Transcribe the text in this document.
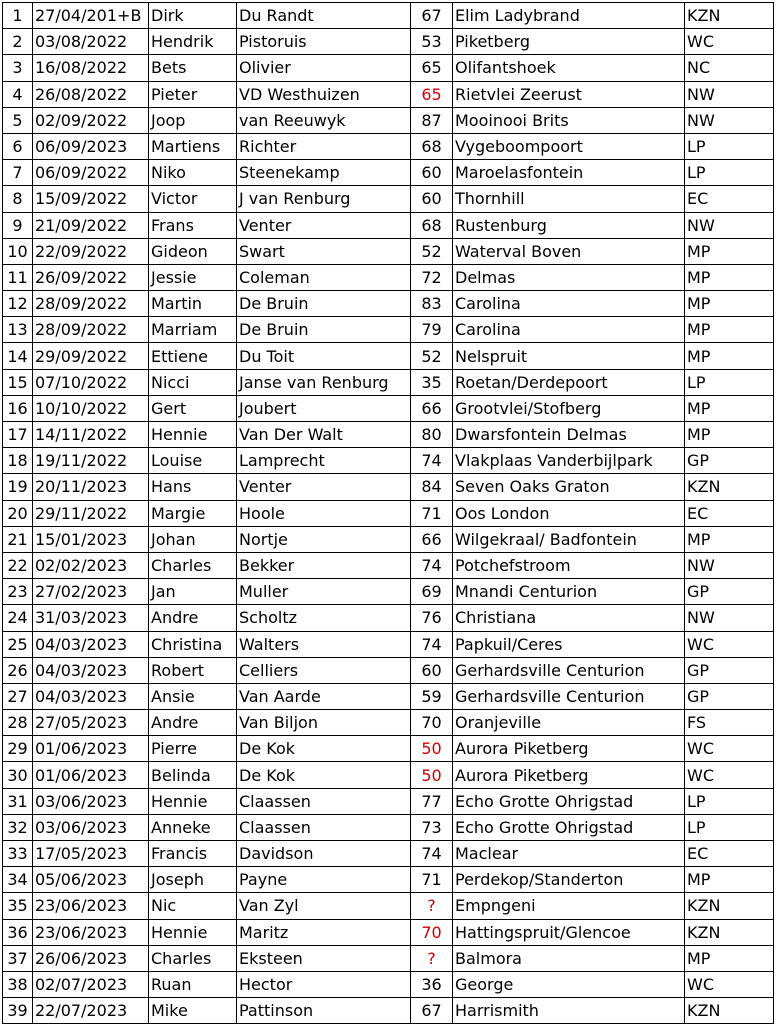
1	27/04/201+B	Dirk	Du Randt	67	Elim Ladybrand	KZN
2	03/08/2022	Hendrik	Pistoruis	53	Piketberg	WC
3	16/08/2022	Bets	Olivier	65	Olifantshoek	NC
4	26/08/2022	Pieter	VD Westhuizen	65	Rietvlei Zeerust	NW
5	02/09/2022	Joop	van Reeuwyk	87	Mooinooi Brits	NW
6	06/09/2023	Martiens	Richter	68	Vygeboompoort	LP
7	06/09/2022	Niko	Steenekamp	60	Maroelasfontein	LP
8	15/09/2022	Victor	J van Renburg	60	Thornhill	EC
9	21/09/2022	Frans	Venter	68	Rustenburg	NW
10	22/09/2022	Gideon	Swart	52	Waterval Boven	MP
11	26/09/2022	Jessie	Coleman	72	Delmas	MP
12	28/09/2022	Martin	De Bruin	83	Carolina	MP
13	28/09/2022	Marriam	De Bruin	79	Carolina	MP
14	29/09/2022	Ettiene	Du Toit	52	Nelspruit	MP
15	07/10/2022	Nicci	Janse van Renburg	35	Roetan/Derdepoort	LP
16	10/10/2022	Gert	Joubert	66	Grootvlei/Stofberg	MP
17	14/11/2022	Hennie	Van Der Walt	80	Dwarsfontein Delmas	MP
18	19/11/2022	Louise	Lamprecht	74	Vlakplaas Vanderbijlpark	GP
19	20/11/2023	Hans	Venter	84	Seven Oaks Graton	KZN
20	29/11/2022	Margie	Hoole	71	Oos London	EC
21	15/01/2023	Johan	Nortje	66	Wilgekraal/ Badfontein	MP
22	02/02/2023	Charles	Bekker	74	Potchefstroom	NW
23	27/02/2023	Jan	Muller	69	Mnandi Centurion	GP
24	31/03/2023	Andre	Scholtz	76	Christiana	NW
25	04/03/2023	Christina	Walters	74	Papkuil/Ceres	WC
26	04/03/2023	Robert	Celliers	60	Gerhardsville Centurion	GP
27	04/03/2023	Ansie	Van Aarde	59	Gerhardsville Centurion	GP
28	27/05/2023	Andre	Van Biljon	70	Oranjeville	FS
29	01/06/2023	Pierre	De Kok	50	Aurora Piketberg	WC
30	01/06/2023	Belinda	De Kok	50	Aurora Piketberg	WC
31	03/06/2023	Hennie	Claassen	77	Echo Grotte Ohrigstad	LP
32	03/06/2023	Anneke	Claassen	73	Echo Grotte Ohrigstad	LP
33	17/05/2023	Francis	Davidson	74	Maclear	EC
34	05/06/2023	Joseph	Payne	71	Perdekop/Standerton	MP
35	23/06/2023	Nic	Van Zyl	?	Empngeni	KZN
36	23/06/2023	Hennie	Maritz	70	Hattingspruit/Glencoe	KZN
37	26/06/2023	Charles	Eksteen	?	Balmora	MP
38	02/07/2023	Ruan	Hector	36	George	WC
39	22/07/2023	Mike	Pattinson	67	Harrismith	KZN
